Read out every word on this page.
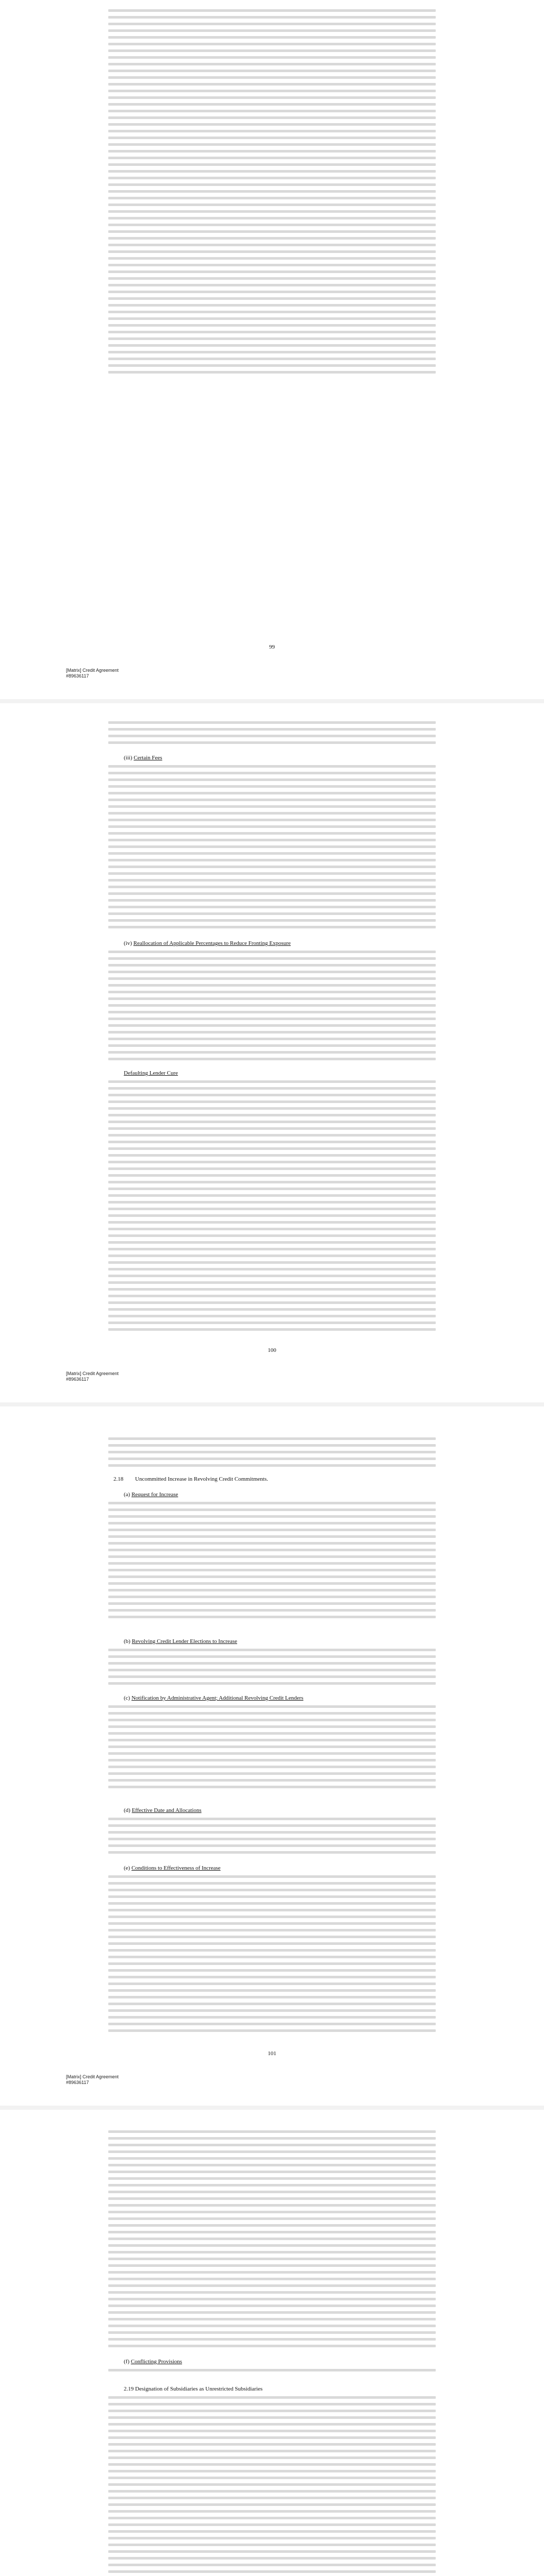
99
[Matrix] Credit Agreement
#89636117
(iii) Certain Fees
(iv) Reallocation of Applicable Percentages to Reduce Fronting Exposure
Defaulting Lender Cure
100
[Matrix] Credit Agreement
#89636117
2.18 Uncommitted Increase in Revolving Credit Commitments.
(a) Request for Increase
(b) Revolving Credit Lender Elections to Increase
(c) Notification by Administrative Agent; Additional Revolving Credit Lenders
(d) Effective Date and Allocations
(e) Conditions to Effectiveness of Increase
101
[Matrix] Credit Agreement
#89636117
(f) Conflicting Provisions
2.19 Designation of Subsidiaries as Unrestricted Subsidiaries
